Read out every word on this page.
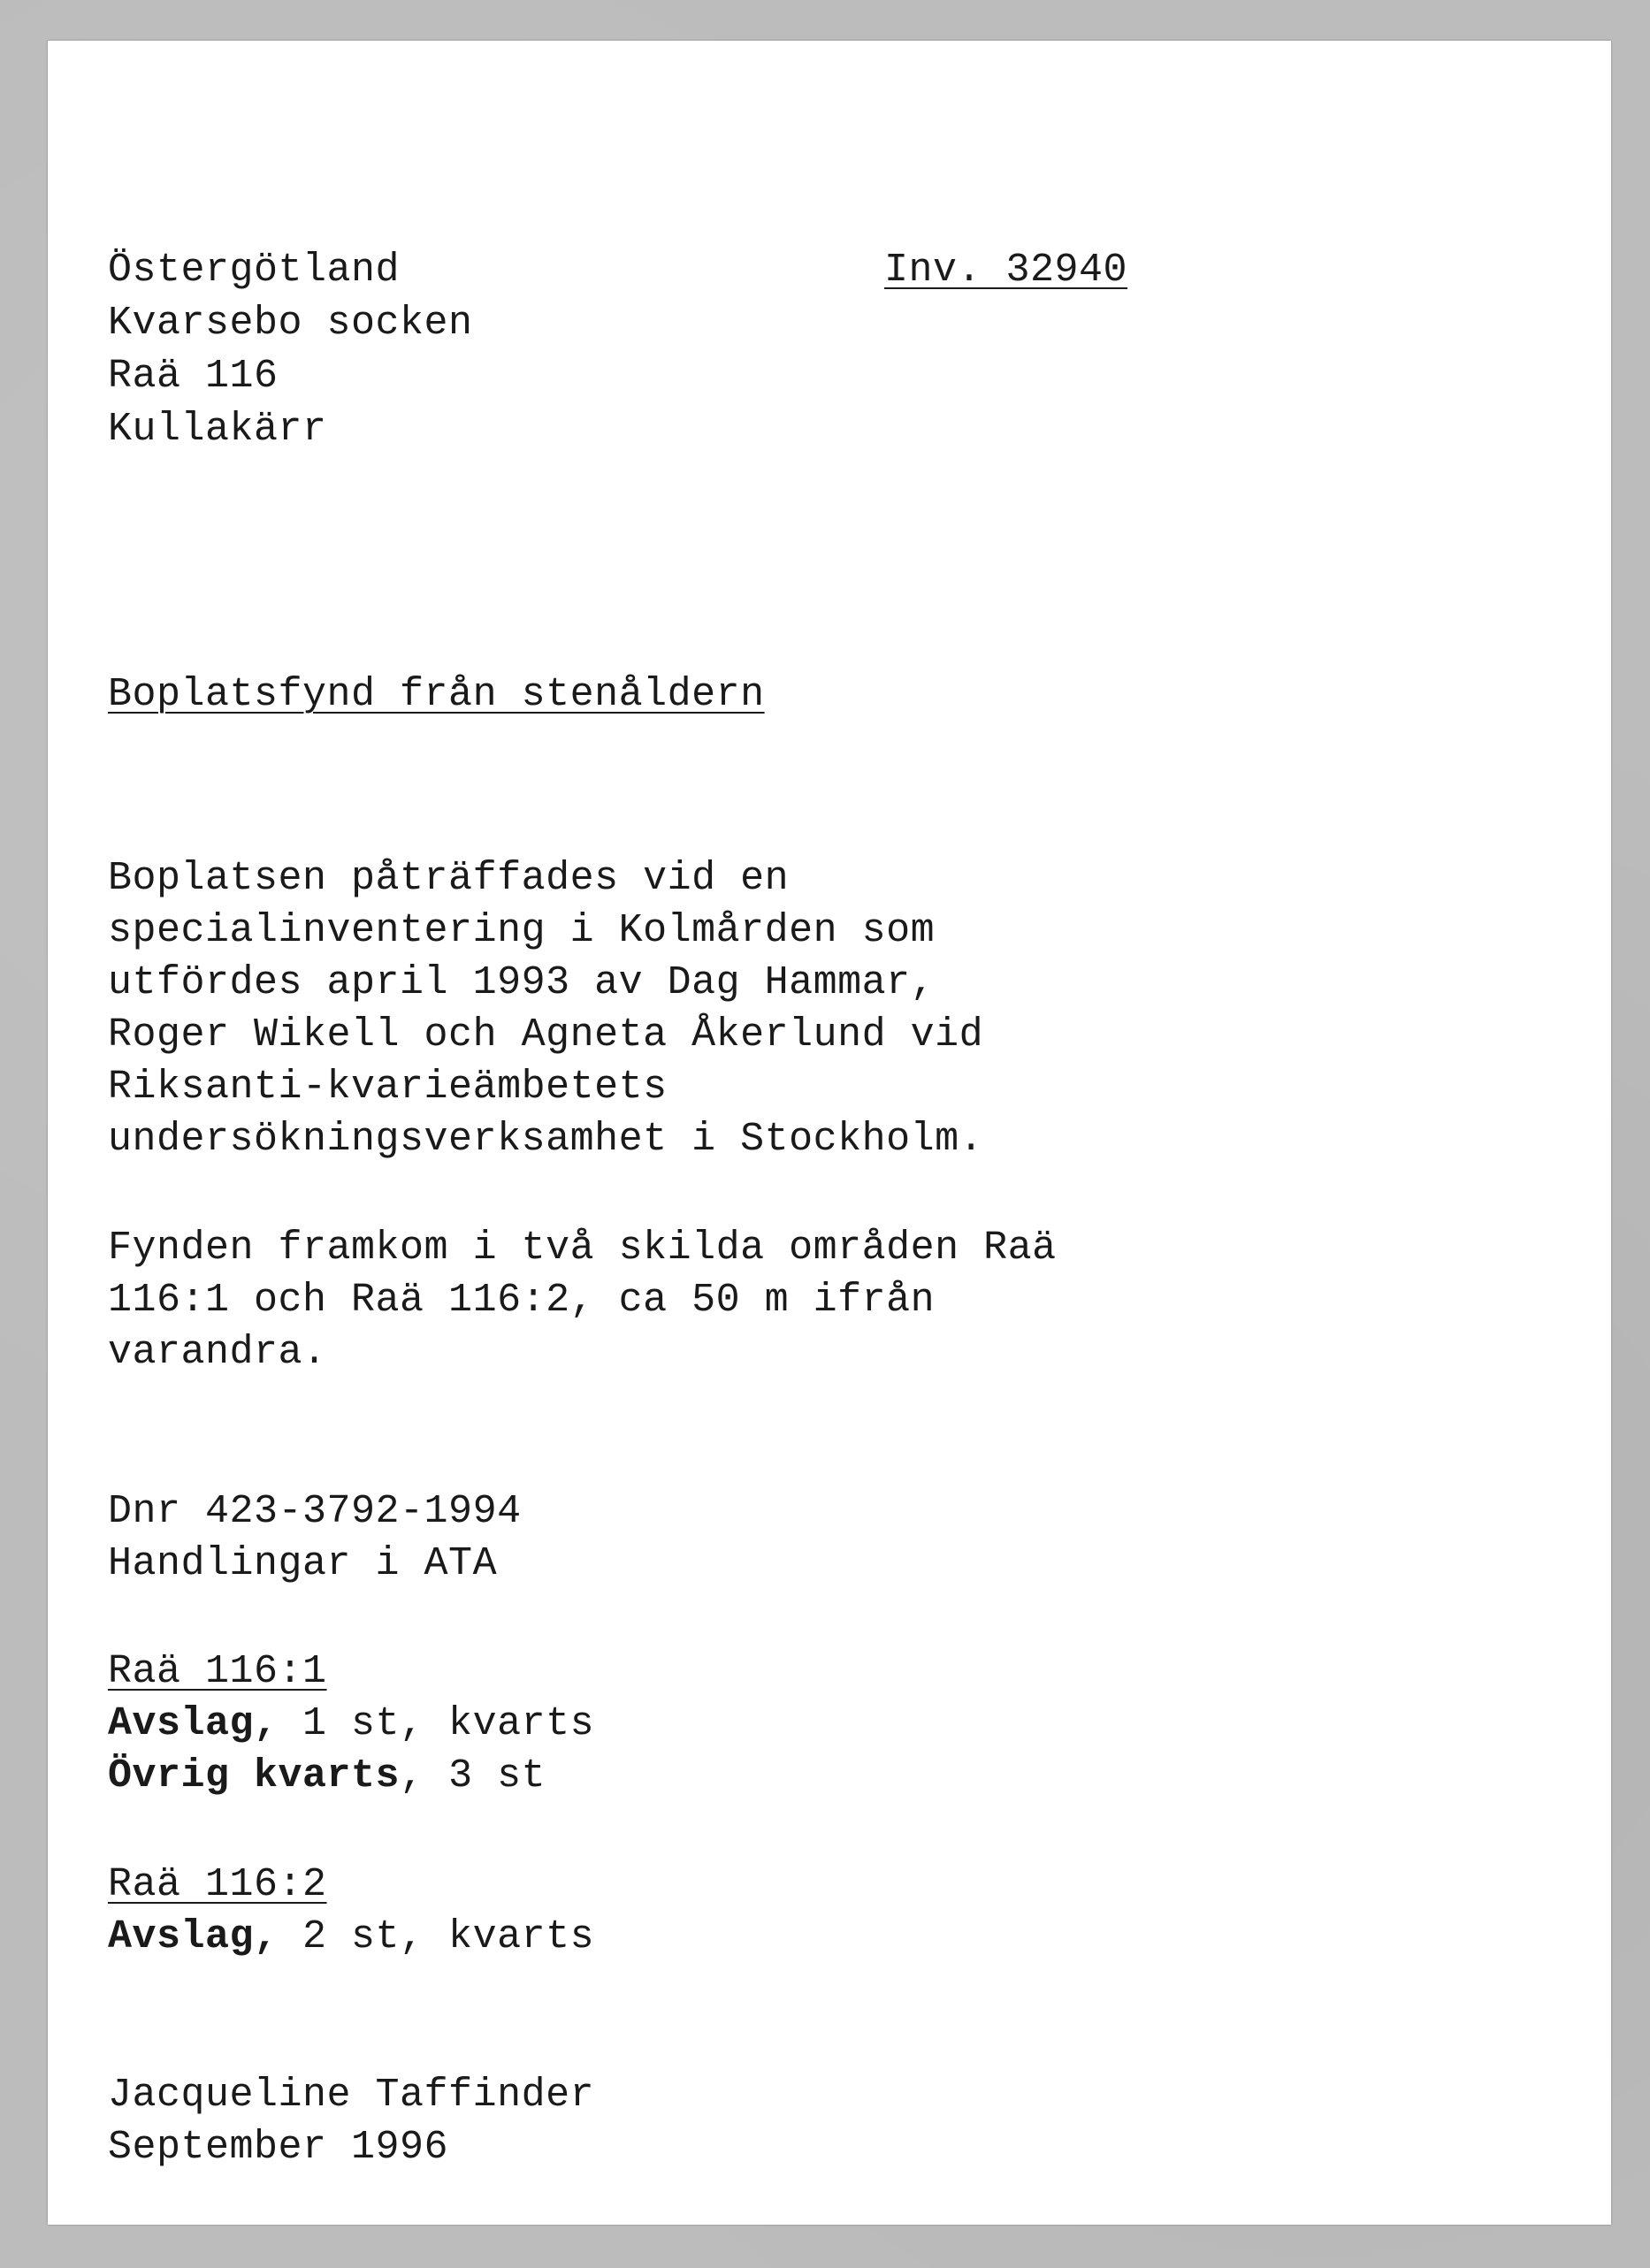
Östergötland
Kvarsebo socken
Raä 116
Kullakärr
Inv. 32940
Boplatsfynd från stenåldern
Boplatsen påträffades vid en
specialinventering i Kolmården som
utfördes april 1993 av Dag Hammar,
Roger Wikell och Agneta Åkerlund vid
Riksanti-kvarieämbetets
undersökningsverksamhet i Stockholm.
Fynden framkom i två skilda områden Raä
116:1 och Raä 116:2, ca 50 m ifrån
varandra.
Dnr 423-3792-1994
Handlingar i ATA
Raä 116:1
Avslag, 1 st, kvarts
Övrig kvarts, 3 st
Raä 116:2
Avslag, 2 st, kvarts
Jacqueline Taffinder
September 1996
